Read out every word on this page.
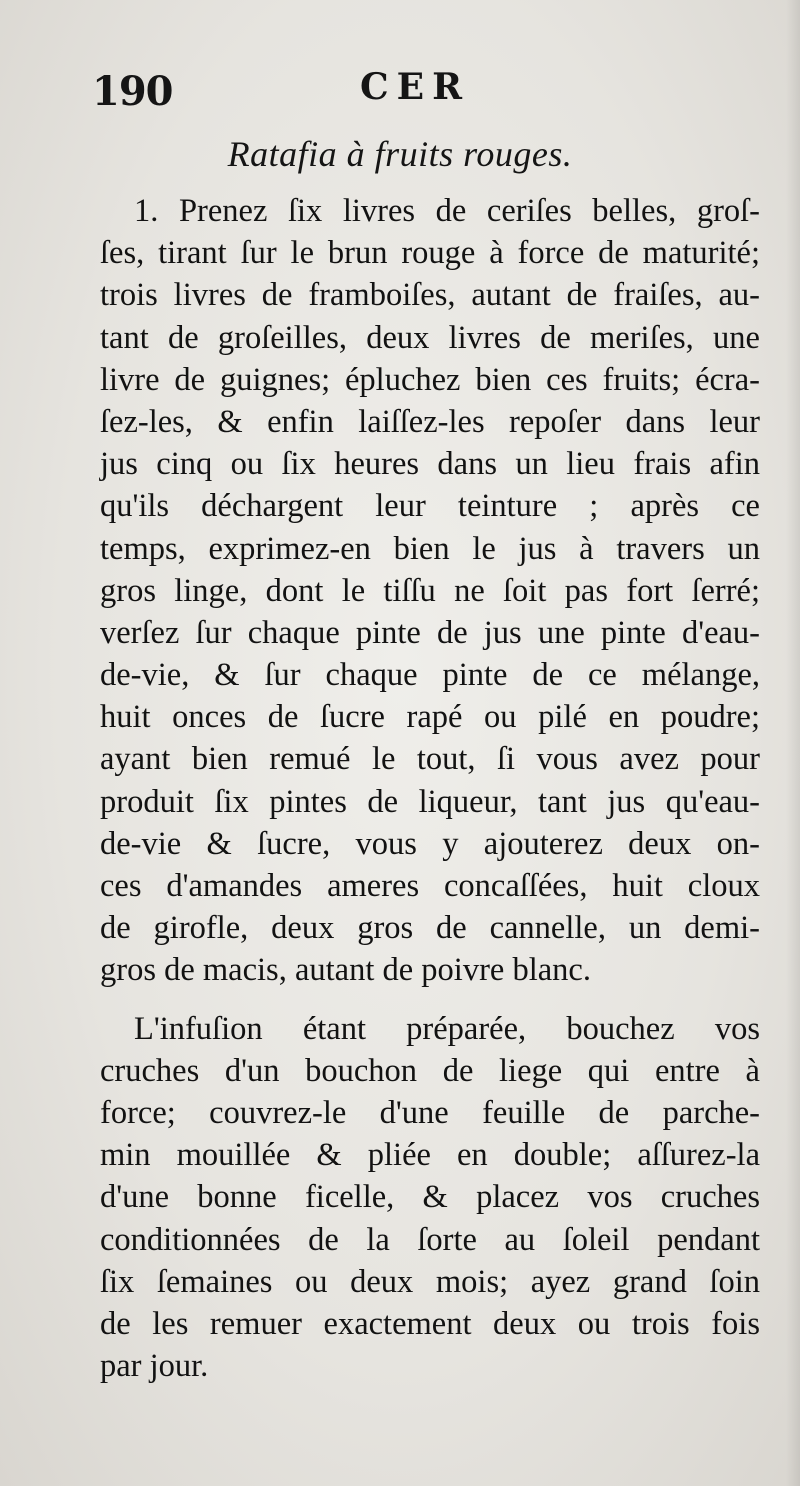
190	CER
Ratafia à fruits rouges.
1. Prenez ſix livres de ceriſes belles, groſ-
ſes, tirant ſur le brun rouge à force de maturité;
trois livres de framboiſes, autant de fraiſes, au-
tant de groſeilles, deux livres de meriſes, une
livre de guignes; épluchez bien ces fruits; écra-
ſez-les, & enfin laiſſez-les repoſer dans leur
jus cinq ou ſix heures dans un lieu frais afin
qu'ils déchargent leur teinture ; après ce
temps, exprimez-en bien le jus à travers un
gros linge, dont le tiſſu ne ſoit pas fort ſerré;
verſez ſur chaque pinte de jus une pinte d'eau-
de-vie, & ſur chaque pinte de ce mélange,
huit onces de ſucre rapé ou pilé en poudre;
ayant bien remué le tout, ſi vous avez pour
produit ſix pintes de liqueur, tant jus qu'eau-
de-vie & ſucre, vous y ajouterez deux on-
ces d'amandes ameres concaſſées, huit cloux
de girofle, deux gros de cannelle, un demi-
gros de macis, autant de poivre blanc.
L'infuſion étant préparée, bouchez vos
cruches d'un bouchon de liege qui entre à
force; couvrez-le d'une feuille de parche-
min mouillée & pliée en double; aſſurez-la
d'une bonne ficelle, & placez vos cruches
conditionnées de la ſorte au ſoleil pendant
ſix ſemaines ou deux mois; ayez grand ſoin
de les remuer exactement deux ou trois fois
par jour.
